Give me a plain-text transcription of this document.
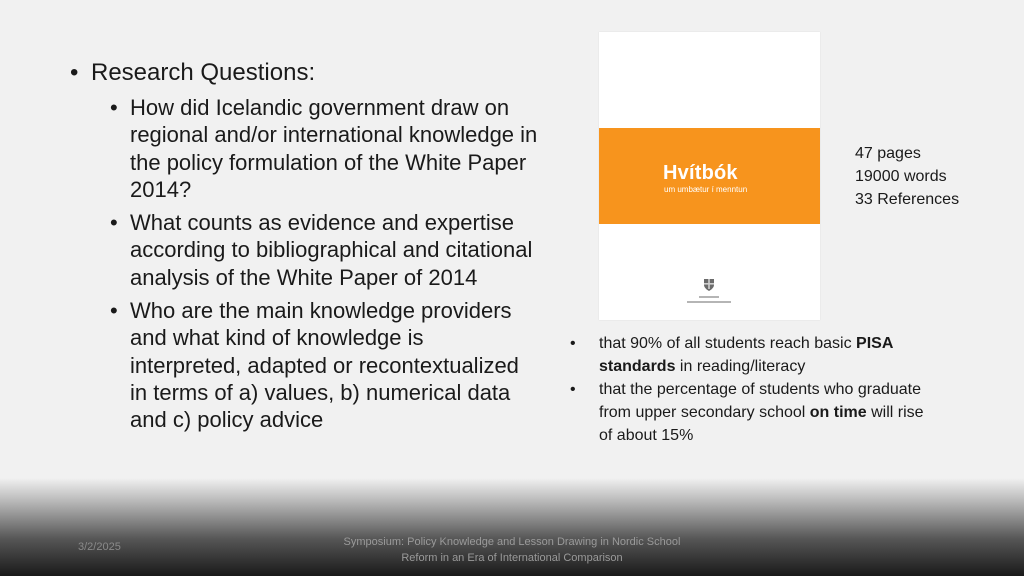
• Research Questions:
• How did Icelandic government draw on regional and/or international knowledge in the policy formulation of the White Paper 2014?
• What counts as evidence and expertise according to bibliographical and citational analysis of the White Paper of 2014
• Who are the main knowledge providers and what kind of knowledge is interpreted, adapted or recontextualized in terms of a) values, b) numerical data and c) policy advice
Hvítbók
um umbætur í menntun
47 pages
19000 words
33 References
• that 90% of all students reach basic PISA standards in reading/literacy
• that the percentage of students who graduate from upper secondary school on time will rise of about 15%
3/2/2025	Symposium: Policy Knowledge and Lesson Drawing in Nordic School Reform in an Era of International Comparison
